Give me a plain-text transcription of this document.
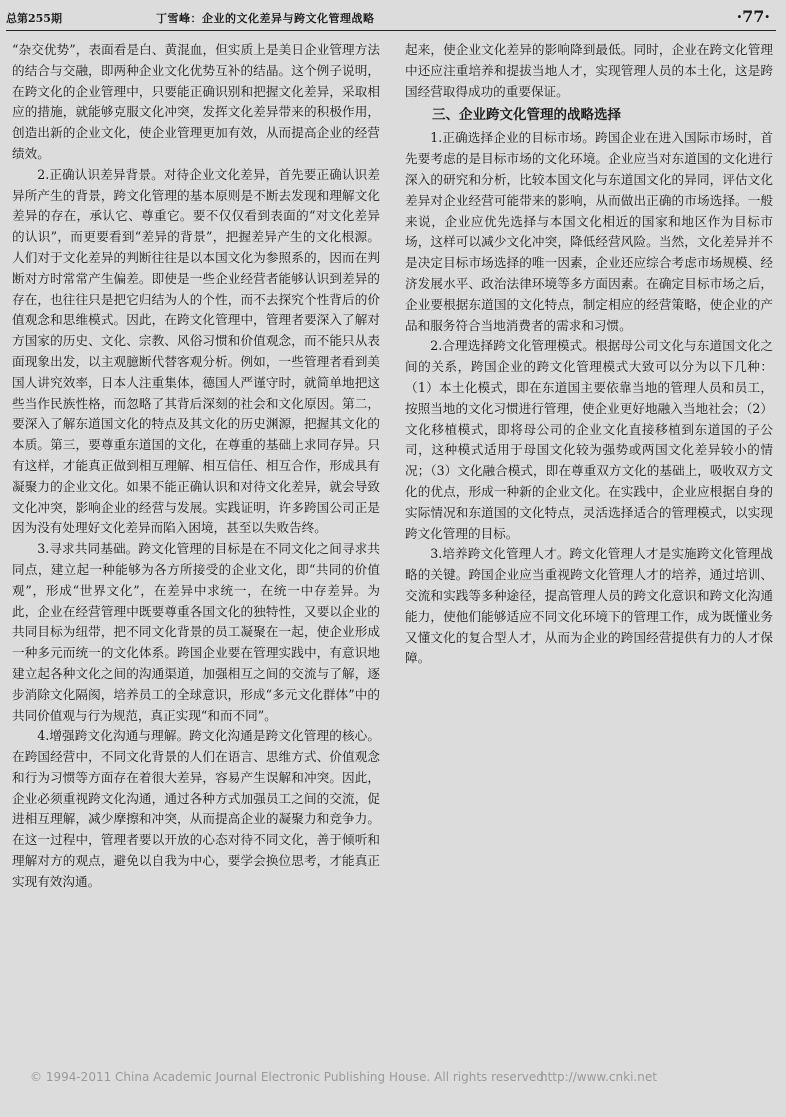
总第255期	丁雪峰：企业的文化差异与跨文化管理战略	·77·

“杂交优势”，表面看是白、黄混血，但实质上是美日企业管理方法的结合与交融，即两种企业文化优势互补的结晶。这个例子说明，在跨文化的企业管理中，只要能正确识别和把握文化差异，采取相应的措施，就能够克服文化冲突，发挥文化差异带来的积极作用，创造出新的企业文化，使企业管理更加有效，从而提高企业的经营绩效。

2.正确认识差异背景。对待企业文化差异，首先要正确认识差异所产生的背景，跨文化管理的基本原则是不断去发现和理解文化差异的存在，承认它、尊重它。要不仅仅看到表面的“对文化差异的认识”，而更要看到“差异的背景”，把握差异产生的文化根源。人们对于文化差异的判断往往是以本国文化为参照系的，因而在判断对方时常常产生偏差。即使是一些企业经营者能够认识到差异的存在，也往往只是把它归结为人的个性，而不去探究个性背后的价值观念和思维模式。因此，在跨文化管理中，管理者要深入了解对方国家的历史、文化、宗教、风俗习惯和价值观念，而不能只从表面现象出发，以主观臆断代替客观分析。例如，一些管理者看到美国人讲究效率，日本人注重集体，德国人严谨守时，就简单地把这些当作民族性格，而忽略了其背后深刻的社会和文化原因。第二，要深入了解东道国文化的特点及其文化的历史渊源，把握其文化的本质。第三，要尊重东道国的文化，在尊重的基础上求同存异。只有这样，才能真正做到相互理解、相互信任、相互合作，形成具有凝聚力的企业文化。如果不能正确认识和对待文化差异，就会导致文化冲突，影响企业的经营与发展。实践证明，许多跨国公司正是因为没有处理好文化差异而陷入困境，甚至以失败告终。

3.寻求共同基础。跨文化管理的目标是在不同文化之间寻求共同点，建立起一种能够为各方所接受的企业文化，即“共同的价值观”，形成“世界文化”，在差异中求统一，在统一中存差异。为此，企业在经营管理中既要尊重各国文化的独特性，又要以企业的共同目标为纽带，把不同文化背景的员工凝聚在一起，使企业形成一种多元而统一的文化体系。跨国企业要在管理实践中，有意识地建立起各种文化之间的沟通渠道，加强相互之间的交流与了解，逐步消除文化隔阂，培养员工的全球意识，形成“多元文化群体”中的共同价值观与行为规范，真正实现“和而不同”。

4.增强跨文化沟通与理解。跨文化沟通是跨文化管理的核心。在跨国经营中，不同文化背景的人们在语言、思维方式、价值观念和行为习惯等方面存在着很大差异，容易产生误解和冲突。因此，企业必须重视跨文化沟通，通过各种方式加强员工之间的交流，促进相互理解，减少摩擦和冲突，从而提高企业的凝聚力和竞争力。在这一过程中，管理者要以开放的心态对待不同文化，善于倾听和理解对方的观点，避免以自我为中心，要学会换位思考，才能真正实现有效沟通。

起来，使企业文化差异的影响降到最低。同时，企业在跨文化管理中还应注重培养和提拔当地人才，实现管理人员的本土化，这是跨国经营取得成功的重要保证。

三、企业跨文化管理的战略选择

1.正确选择企业的目标市场。跨国企业在进入国际市场时，首先要考虑的是目标市场的文化环境。企业应当对东道国的文化进行深入的研究和分析，比较本国文化与东道国文化的异同，评估文化差异对企业经营可能带来的影响，从而做出正确的市场选择。一般来说，企业应优先选择与本国文化相近的国家和地区作为目标市场，这样可以减少文化冲突，降低经营风险。当然，文化差异并不是决定目标市场选择的唯一因素，企业还应综合考虑市场规模、经济发展水平、政治法律环境等多方面因素。在确定目标市场之后，企业要根据东道国的文化特点，制定相应的经营策略，使企业的产品和服务符合当地消费者的需求和习惯。

2.合理选择跨文化管理模式。根据母公司文化与东道国文化之间的关系，跨国企业的跨文化管理模式大致可以分为以下几种：（1）本土化模式，即在东道国主要依靠当地的管理人员和员工，按照当地的文化习惯进行管理，使企业更好地融入当地社会；（2）文化移植模式，即将母公司的企业文化直接移植到东道国的子公司，这种模式适用于母国文化较为强势或两国文化差异较小的情况；（3）文化融合模式，即在尊重双方文化的基础上，吸收双方文化的优点，形成一种新的企业文化。在实践中，企业应根据自身的实际情况和东道国的文化特点，灵活选择适合的管理模式，以实现跨文化管理的目标。

3.培养跨文化管理人才。跨文化管理人才是实施跨文化管理战略的关键。跨国企业应当重视跨文化管理人才的培养，通过培训、交流和实践等多种途径，提高管理人员的跨文化意识和跨文化沟通能力，使他们能够适应不同文化环境下的管理工作，成为既懂业务又懂文化的复合型人才，从而为企业的跨国经营提供有力的人才保障。

© 1994-2011 China Academic Journal Electronic Publishing House. All rights reserved.
http://www.cnki.net
